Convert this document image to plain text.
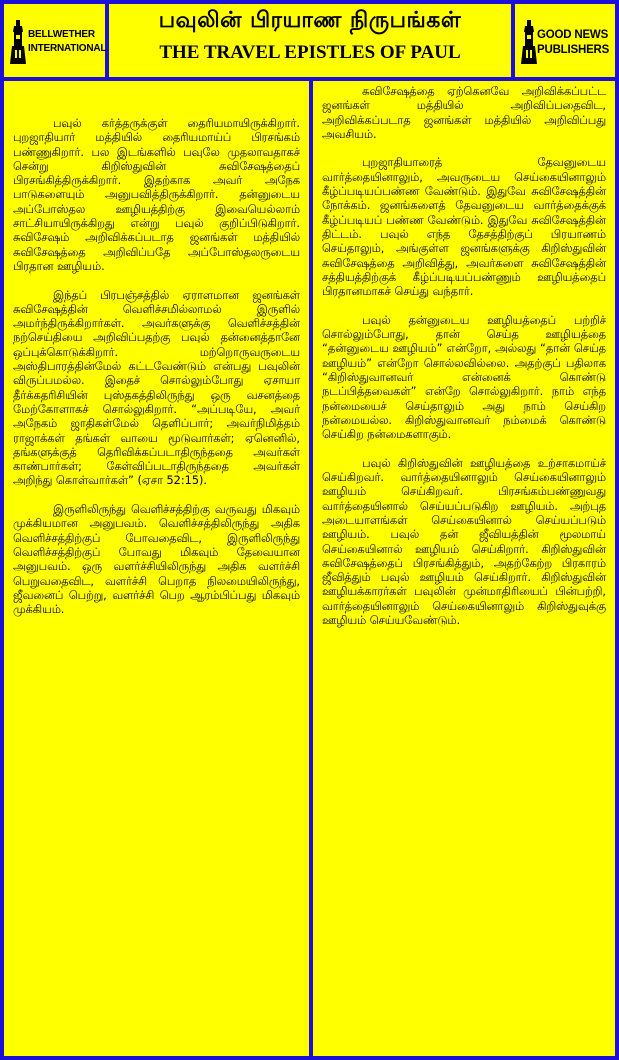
BELLWETHER
INTERNATIONAL
பவுலின் பிரயாண நிருபங்கள்
THE TRAVEL EPISTLES OF PAUL
GOOD NEWS
PUBLISHERS

பவுல் கர்த்தருக்குள் தைரியமாயிருக்கிறார். புறஜாதியார் மத்தியில் தைரியமாய்ப் பிரசங்கம் பண்ணுகிறார். பல இடங்களில் பவுலே முதலாவதாகச் சென்று கிறிஸ்துவின் சுவிசேஷத்தைப் பிரசங்கித்திருக்கிறார். இதற்காக அவர் அநேக பாடுகளையும் அனுபவித்திருக்கிறார். தன்னுடைய அப்போஸ்தல ஊழியத்திற்கு இவையெல்லாம் சாட்சியாயிருக்கிறது என்று பவுல் குறிப்பிடுகிறார். சுவிசேஷம் அறிவிக்கப்படாத ஜனங்கள் மத்தியில் சுவிசேஷத்தை அறிவிப்பதே அப்போஸ்தலருடைய பிரதான ஊழியம்.

இந்தப் பிரபஞ்சத்தில் ஏராளமான ஜனங்கள் சுவிசேஷத்தின் வெளிச்சமில்லாமல் இருளில் அமர்ந்திருக்கிறார்கள். அவர்களுக்கு வெளிச்சத்தின் நற்செய்தியை அறிவிப்பதற்கு பவுல் தன்னைத்தானே ஒப்புக்கொடுக்கிறார். மற்றொருவருடைய அஸ்திபாரத்தின்மேல் கட்டவேண்டும் என்பது பவுலின் விருப்பமல்ல. இதைச் சொல்லும்போது ஏசாயா தீர்க்கதரிசியின் புஸ்தகத்திலிருந்து ஒரு வசனத்தை மேற்கோளாகச் சொல்லுகிறார். “அப்படியே, அவர் அநேகம் ஜாதிகள்மேல் தெளிப்பார்; அவர்நிமித்தம் ராஜாக்கள் தங்கள் வாயை மூடுவார்கள்; ஏனெனில், தங்களுக்குத் தெரிவிக்கப்படாதிருந்ததை அவர்கள் காண்பார்கள்; கேள்விப்படாதிருந்ததை அவர்கள் அறிந்து கொள்வார்கள்” (ஏசா 52:15).

இருளிலிருந்து வெளிச்சத்திற்கு வருவது மிகவும் முக்கியமான அனுபவம். வெளிச்சத்திலிருந்து அதிக வெளிச்சத்திற்குப் போவதைவிட, இருளிலிருந்து வெளிச்சத்திற்குப் போவது மிகவும் தேவையான அனுபவம். ஒரு வளர்ச்சியிலிருந்து அதிக வளர்ச்சி பெறுவதைவிட, வளர்ச்சி பெறாத நிலமையிலிருந்து, ஜீவனைப் பெற்று, வளர்ச்சி பெற ஆரம்பிப்பது மிகவும் முக்கியம்.

சுவிசேஷத்தை ஏற்கெனவே அறிவிக்கப்பட்ட ஜனங்கள் மத்தியில் அறிவிப்பதைவிட, அறிவிக்கப்படாத ஜனங்கள் மத்தியில் அறிவிப்பது அவசியம்.

புறஜாதியாரைத் தேவனுடைய வார்த்தையினாலும், அவருடைய செய்கையினாலும் கீழ்ப்படியப்பண்ண வேண்டும். இதுவே சுவிசேஷத்தின் நோக்கம். ஜனங்களைத் தேவனுடைய வார்த்தைக்குக் கீழ்ப்படியப் பண்ண வேண்டும். இதுவே சுவிசேஷத்தின் திட்டம். பவுல் எந்த தேசத்திற்குப் பிரயாணம் செய்தாலும், அங்குள்ள ஜனங்களுக்கு கிறிஸ்துவின் சுவிசேஷத்தை அறிவித்து, அவர்களை சுவிசேஷத்தின் சத்தியத்திற்குக் கீழ்ப்படியப்பண்ணும் ஊழியத்தைப் பிரதானமாகச் செய்து வந்தார்.

பவுல் தன்னுடைய ஊழியத்தைப் பற்றிச் சொல்லும்போது, தான் செய்த ஊழியத்தை “தன்னுடைய ஊழியம்” என்றோ, அல்லது “தான் செய்த ஊழியம்” என்றோ சொல்லவில்லை. அதற்குப் பதிலாக “கிறிஸ்துவானவர் என்னைக் கொண்டு நடப்பித்தவைகள்” என்றே சொல்லுகிறார். நாம் எந்த நன்மையைச் செய்தாலும் அது நாம் செய்கிற நன்மையல்ல. கிறிஸ்துவானவர் நம்மைக் கொண்டு செய்கிற நன்மைகளாகும்.

பவுல் கிறிஸ்துவின் ஊழியத்தை உற்சாகமாய்ச் செய்கிறவர். வார்த்தையினாலும் செய்கையினாலும் ஊழியம் செய்கிறவர். பிரசங்கம்பண்ணுவது வார்த்தையினால் செய்யப்படுகிற ஊழியம். அற்புத அடையாளங்கள் செய்கையினால் செய்யப்படும் ஊழியம். பவுல் தன் ஜீவியத்தின் மூலமாய் செய்கையினால் ஊழியம் செய்கிறார். கிறிஸ்துவின் சுவிசேஷத்தைப் பிரசங்கித்தும், அதற்கேற்ற பிரகாரம் ஜீவித்தும் பவுல் ஊழியம் செய்கிறார். கிறிஸ்துவின் ஊழியக்காரர்கள் பவுலின் முன்மாதிரியைப் பின்பற்றி, வார்த்தையினாலும் செய்கையினாலும் கிறிஸ்துவுக்கு ஊழியம் செய்யவேண்டும்.
